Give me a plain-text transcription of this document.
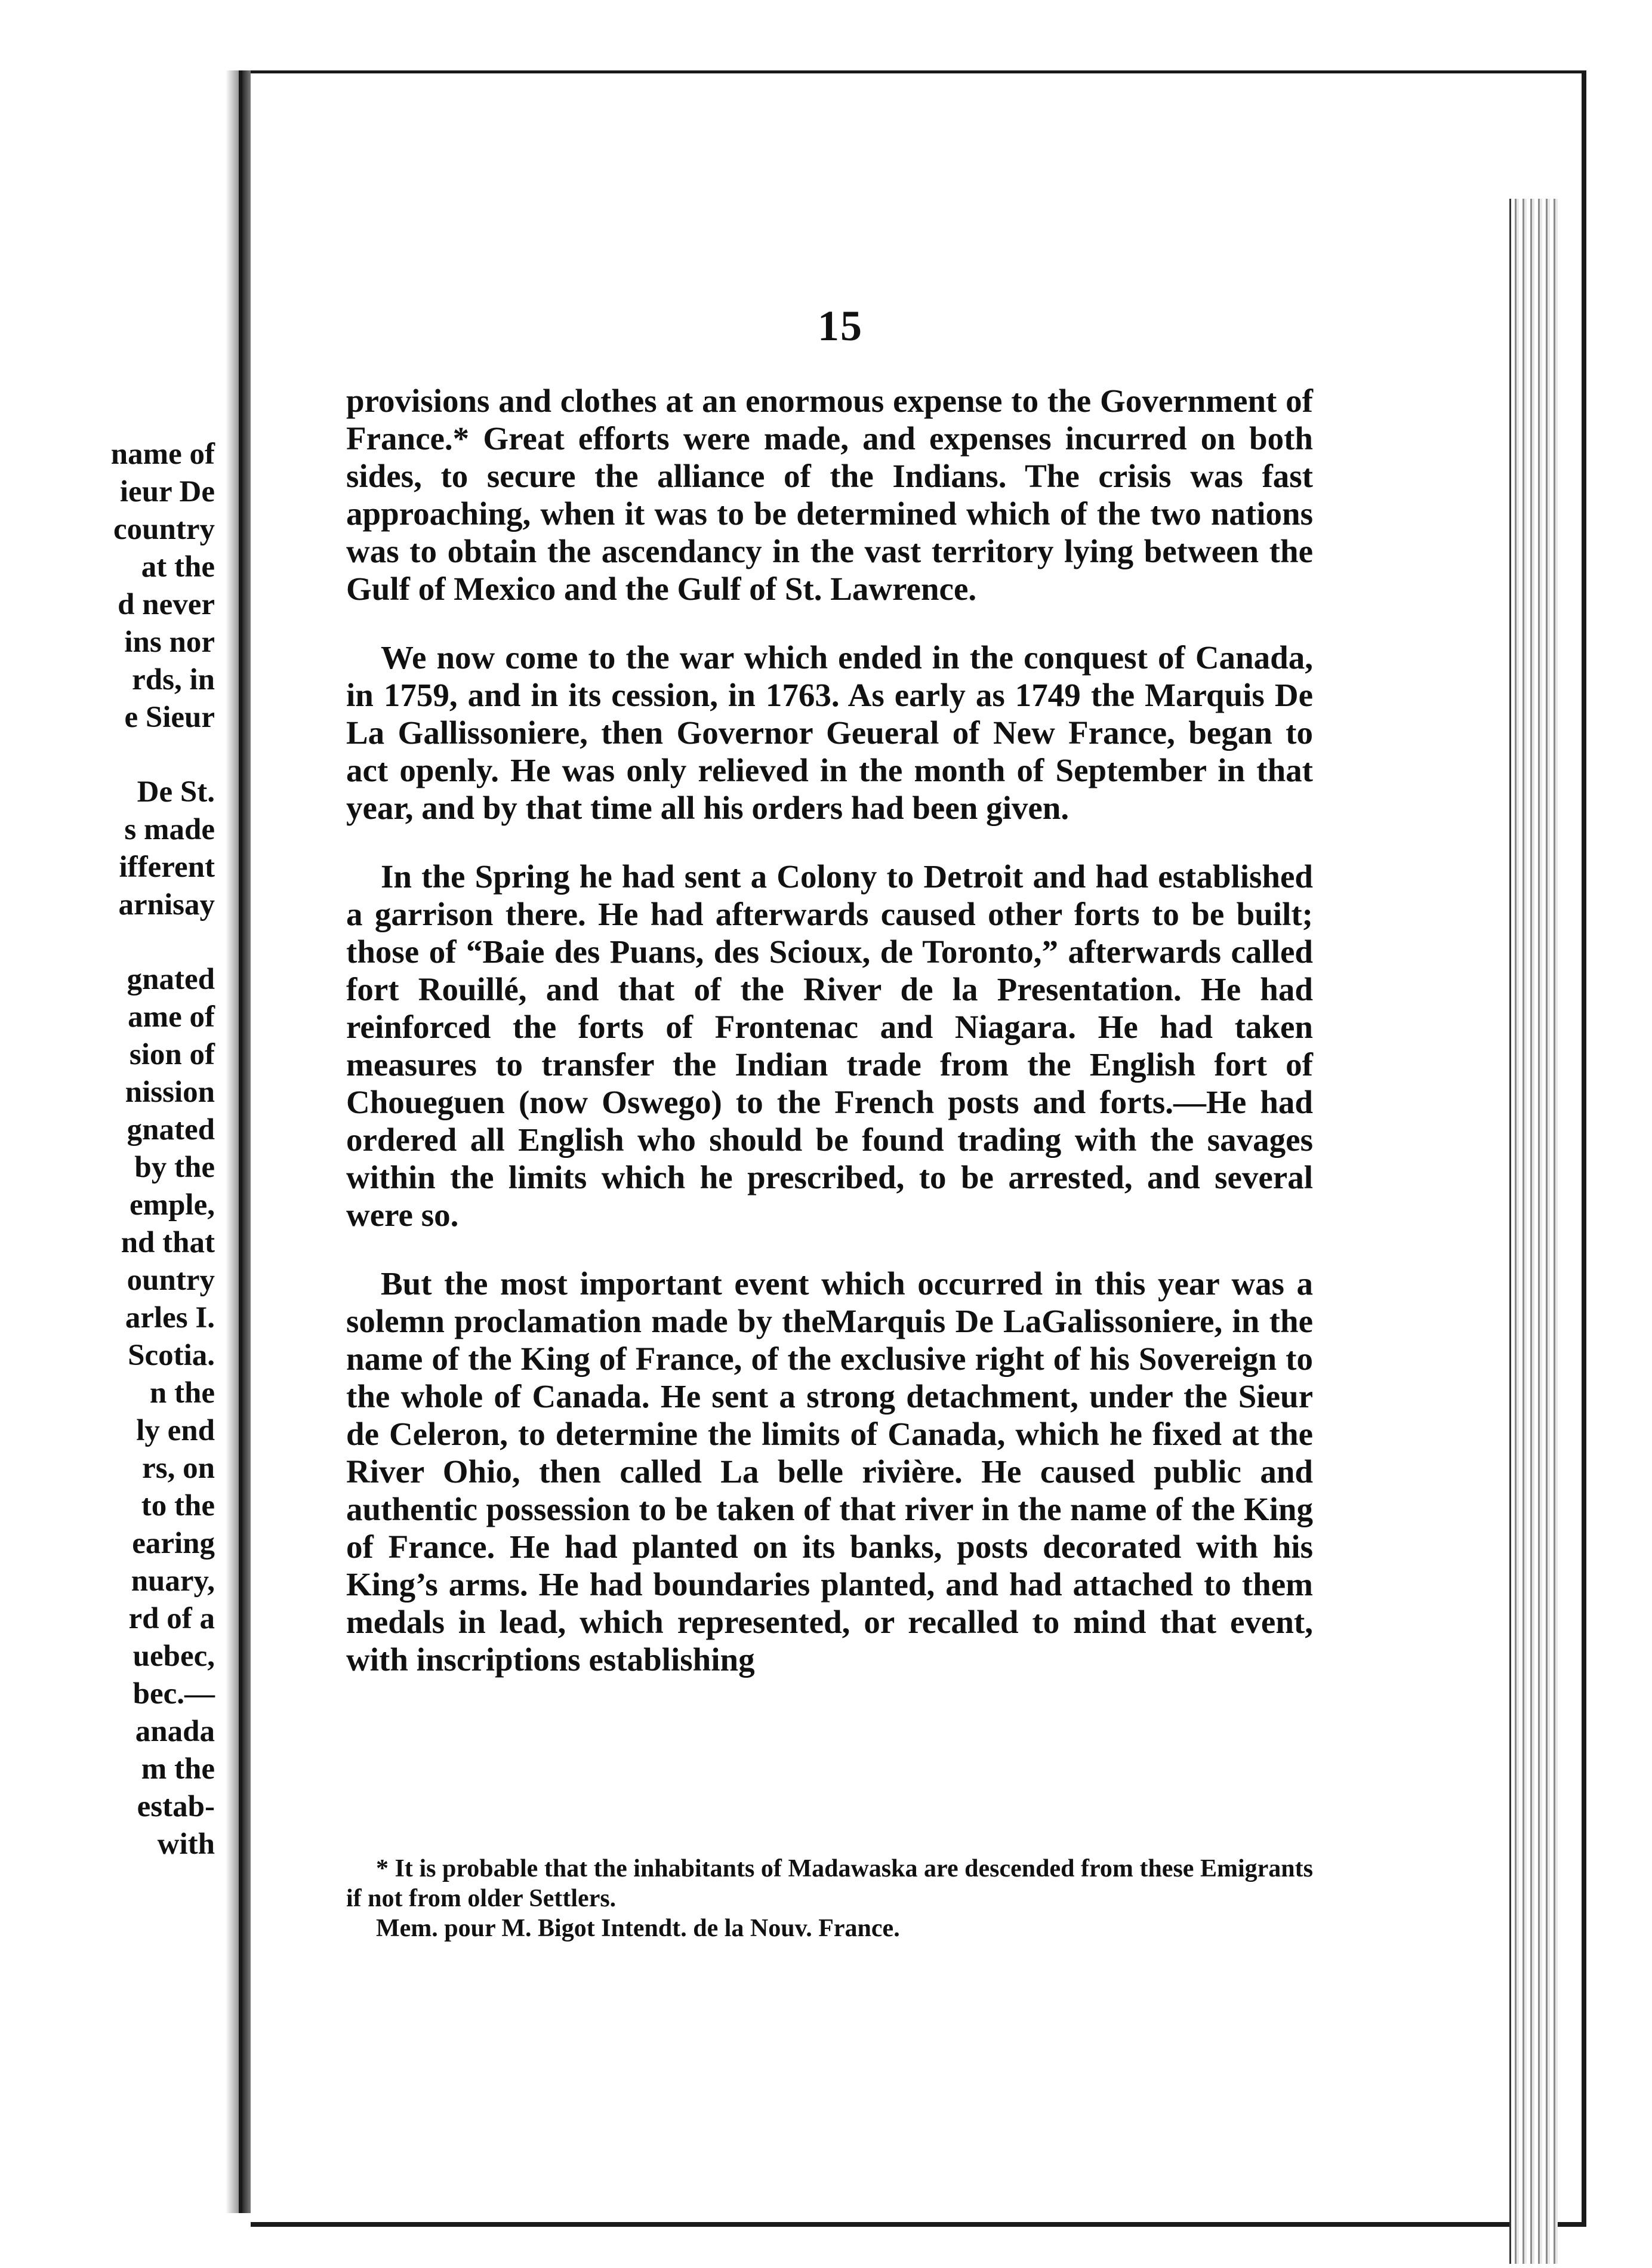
name of
ieur De
country
at the
d never
ins nor
rds, in
e Sieur
De St.
s made
ifferent
arnisay
gnated
ame of
sion of
nission
gnated
by the
emple,
nd that
ountry
arles I.
Scotia.
n the
ly end
rs, on
to the
earing
nuary,
rd of a
uebec,
bec.—
anada
m the
estab-
with
15

provisions and clothes at an enormous expense to the Government of France.* Great efforts were made, and expenses incurred on both sides, to secure the alliance of the Indians. The crisis was fast approaching, when it was to be determined which of the two nations was to obtain the ascendancy in the vast territory lying between the Gulf of Mexico and the Gulf of St. Lawrence.

We now come to the war which ended in the conquest of Canada, in 1759, and in its cession, in 1763. As early as 1749 the Marquis De La Gallissoniere, then Governor Geueral of New France, began to act openly. He was only relieved in the month of September in that year, and by that time all his orders had been given.

In the Spring he had sent a Colony to Detroit and had established a garrison there. He had afterwards caused other forts to be built; those of “Baie des Puans, des Scioux, de Toronto,” afterwards called fort Rouillé, and that of the River de la Presentation. He had reinforced the forts of Frontenac and Niagara. He had taken measures to transfer the Indian trade from the English fort of Choueguen (now Oswego) to the French posts and forts.—He had ordered all English who should be found trading with the savages within the limits which he prescribed, to be arrested, and several were so.

But the most important event which occurred in this year was a solemn proclamation made by theMarquis De LaGalissoniere, in the name of the King of France, of the exclusive right of his Sovereign to the whole of Canada. He sent a strong detachment, under the Sieur de Celeron, to determine the limits of Canada, which he fixed at the River Ohio, then called La belle rivière. He caused public and authentic possession to be taken of that river in the name of the King of France. He had planted on its banks, posts decorated with his King’s arms. He had boundaries planted, and had attached to them medals in lead, which represented, or recalled to mind that event, with inscriptions establishing

* It is probable that the inhabitants of Madawaska are descended from these Emigrants if not from older Settlers.

Mem. pour M. Bigot Intendt. de la Nouv. France.
